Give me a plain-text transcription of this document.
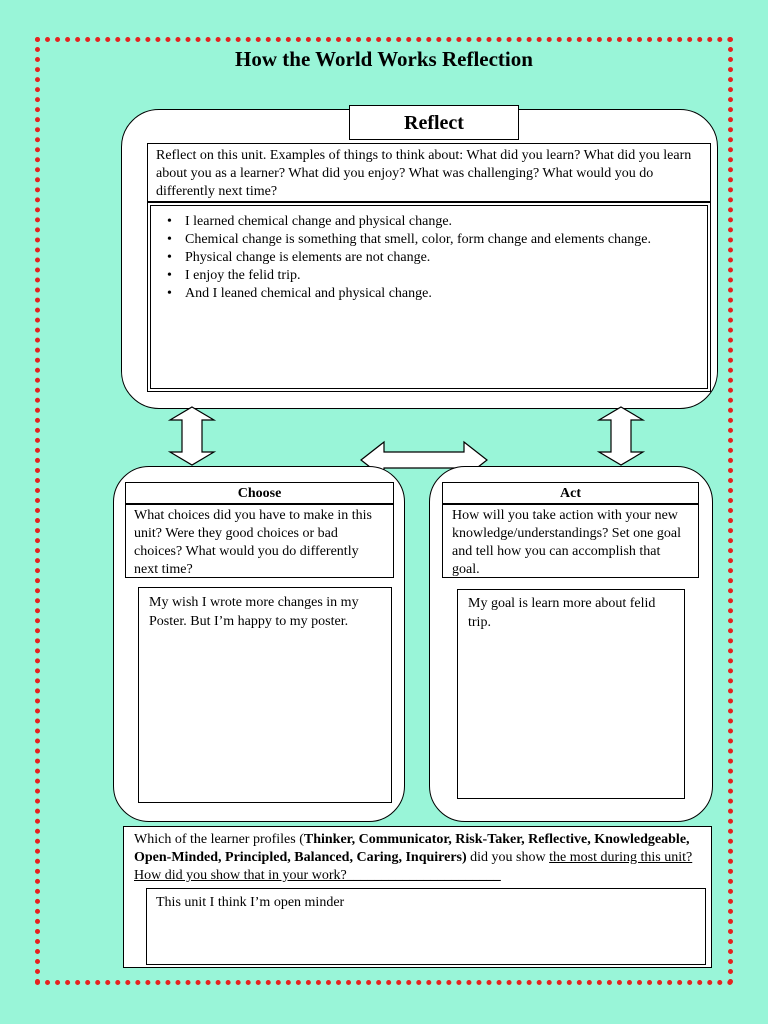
How the World Works Reflection
Reflect
Reflect on this unit. Examples of things to think about: What did you learn? What did you learn about you as a learner? What did you enjoy? What was challenging? What would you do differently next time?
• I learned chemical change and physical change.
• Chemical change is something that smell, color, form change and elements change.
• Physical change is elements are not change.
• I enjoy the felid trip.
• And I leaned chemical and physical change.
Choose
What choices did you have to make in this unit? Were they good choices or bad choices? What would you do differently next time?
My wish I wrote more changes in my Poster. But I’m happy to my poster.
Act
How will you take action with your new knowledge/understandings? Set one goal and tell how you can accomplish that goal.
My goal is learn more about felid trip.
Which of the learner profiles (Thinker, Communicator, Risk-Taker, Reflective, Knowledgeable, Open-Minded, Principled, Balanced, Caring, Inquirers) did you show the most during this unit? How did you show that in your work?______________________
This unit I think I’m open minder
